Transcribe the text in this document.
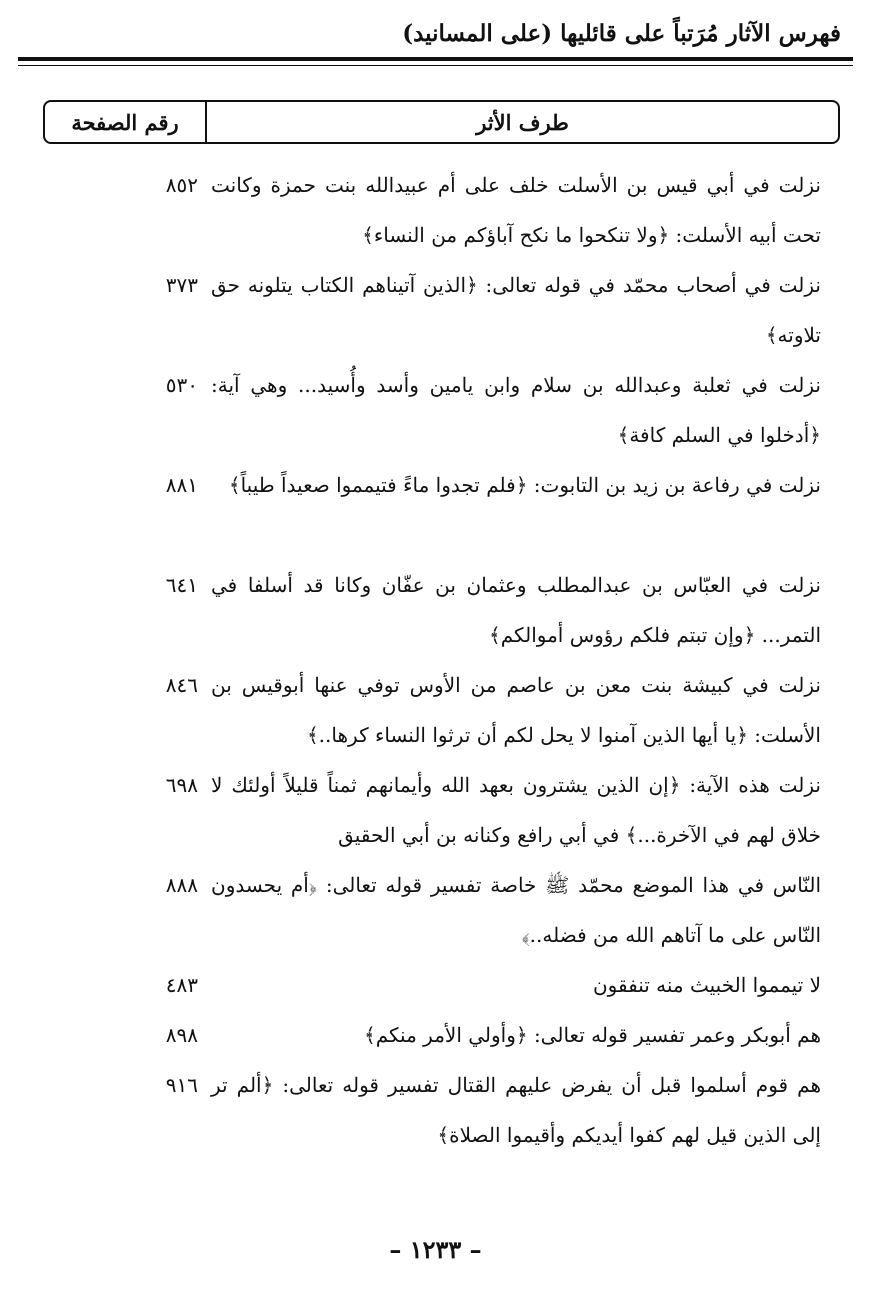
فهرس الآثار مُرَتباً على قائليها (على المسانيد)
طرف الأثر
رقم الصفحة
نزلت في أبي قيس بن الأسلت خلف على أم عبيدالله بنت حمزة وكانت تحت أبيه الأسلت: ﴿ولا تنكحوا ما نكح آباؤكم من النساء﴾
٨٥٢
نزلت في أصحاب محمّد في قوله تعالى: ﴿الذين آتيناهم الكتاب يتلونه حق تلاوته﴾
٣٧٣
نزلت في ثعلبة وعبدالله بن سلام وابن يامين وأسد وأُسيد... وهي آية: ﴿أدخلوا في السلم كافة﴾
٥٣٠
نزلت في رفاعة بن زيد بن التابوت: ﴿فلم تجدوا ماءً فتيمموا صعيداً طيباً﴾
٨٨١
نزلت في العبّاس بن عبدالمطلب وعثمان بن عفّان وكانا قد أسلفا في التمر... ﴿وإن تبتم فلكم رؤوس أموالكم﴾
٦٤١
نزلت في كبيشة بنت معن بن عاصم من الأوس توفي عنها أبوقيس بن الأسلت: ﴿يا أيها الذين آمنوا لا يحل لكم أن ترثوا النساء كرها..﴾
٨٤٦
نزلت هذه الآية: ﴿إن الذين يشترون بعهد الله وأيمانهم ثمناً قليلاً أولئك لا خلاق لهم في الآخرة...﴾ في أبي رافع وكنانه بن أبي الحقيق
٦٩٨
النّاس في هذا الموضع محمّد ﷺ خاصة تفسير قوله تعالى: ﴿أم يحسدون النّاس على ما آتاهم الله من فضله..﴾
٨٨٨
لا تيمموا الخبيث منه تنفقون
٤٨٣
هم أبوبكر وعمر تفسير قوله تعالى: ﴿وأولي الأمر منكم﴾
٨٩٨
هم قوم أسلموا قبل أن يفرض عليهم القتال تفسير قوله تعالى: ﴿ألم تر إلى الذين قيل لهم كفوا أيديكم وأقيموا الصلاة﴾
٩١٦
– ١٢٣٣ –
